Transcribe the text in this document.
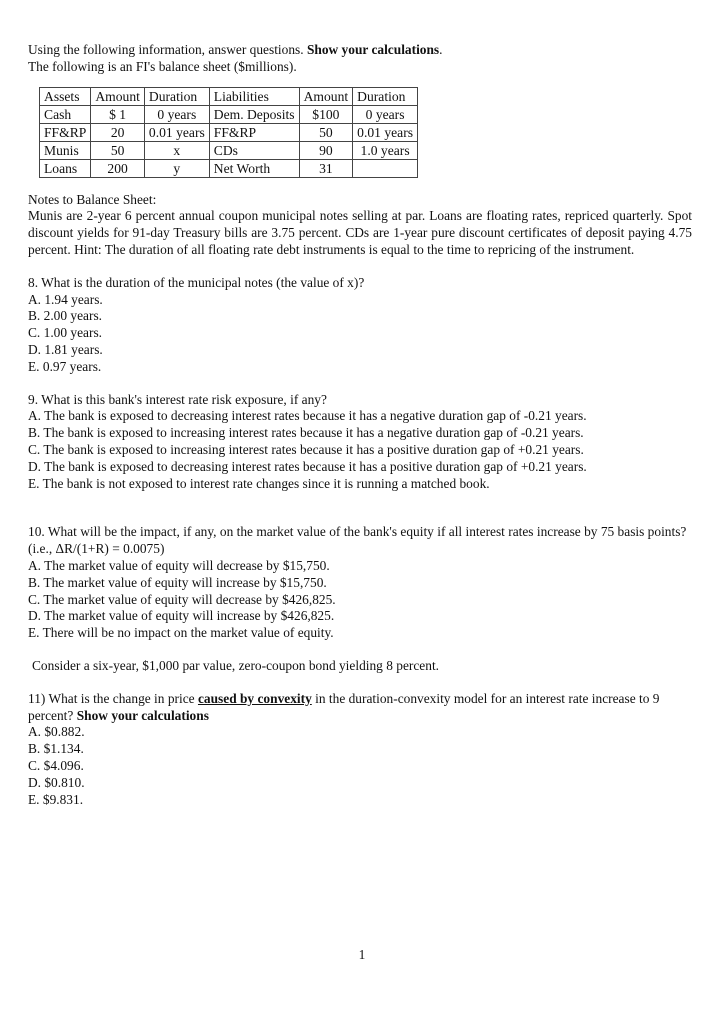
Using the following information, answer questions. Show your calculations.

The following is an FI's balance sheet ($millions).

Assets	Amount	Duration	Liabilities	Amount	Duration
Cash	$ 1	0 years	Dem. Deposits	$100	0 years
FF&RP	20	0.01 years	FF&RP	50	0.01 years
Munis	50	x	CDs	90	1.0 years
Loans	200	y	Net Worth	31	

Notes to Balance Sheet:

Munis are 2-year 6 percent annual coupon municipal notes selling at par. Loans are floating rates, repriced quarterly. Spot discount yields for 91-day Treasury bills are 3.75 percent. CDs are 1-year pure discount certificates of deposit paying 4.75 percent. Hint: The duration of all floating rate debt instruments is equal to the time to repricing of the instrument.

8. What is the duration of the municipal notes (the value of x)?

A. 1.94 years.
B. 2.00 years.
C. 1.00 years.
D. 1.81 years.
E. 0.97 years.

9. What is this bank's interest rate risk exposure, if any?

A. The bank is exposed to decreasing interest rates because it has a negative duration gap of -0.21 years.
B. The bank is exposed to increasing interest rates because it has a negative duration gap of -0.21 years.
C. The bank is exposed to increasing interest rates because it has a positive duration gap of +0.21 years.
D. The bank is exposed to decreasing interest rates because it has a positive duration gap of +0.21 years.
E. The bank is not exposed to interest rate changes since it is running a matched book.

10. What will be the impact, if any, on the market value of the bank's equity if all interest rates increase by 75 basis points? (i.e., ΔR/(1+R) = 0.0075)

A. The market value of equity will decrease by $15,750.
B. The market value of equity will increase by $15,750.
C. The market value of equity will decrease by $426,825.
D. The market value of equity will increase by $426,825.
E. There will be no impact on the market value of equity.

Consider a six-year, $1,000 par value, zero-coupon bond yielding 8 percent.

11) What is the change in price caused by convexity in the duration-convexity model for an interest rate increase to 9 percent? Show your calculations

A. $0.882.
B. $1.134.
C. $4.096.
D. $0.810.
E. $9.831.
1
